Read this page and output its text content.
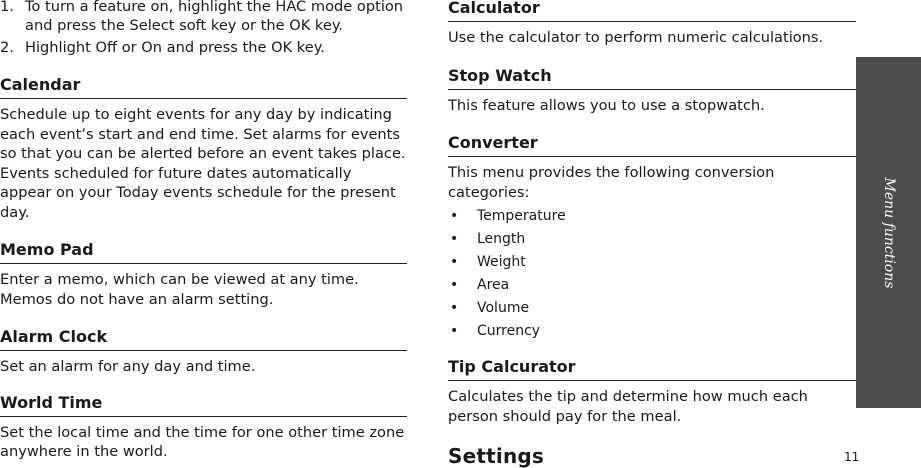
1. To turn a feature on, highlight the HAC mode option and press the Select soft key or the OK key.
2. Highlight Off or On and press the OK key.
Calendar

Schedule up to eight events for any day by indicating each event’s start and end time. Set alarms for events so that you can be alerted before an event takes place. Events scheduled for future dates automatically appear on your Today events schedule for the present day.

Memo Pad

Enter a memo, which can be viewed at any time. Memos do not have an alarm setting.

Alarm Clock

Set an alarm for any day and time.

World Time

Set the local time and the time for one other time zone anywhere in the world.

Calculator

Use the calculator to perform numeric calculations.

Stop Watch

This feature allows you to use a stopwatch.

Converter

This menu provides the following conversion categories:

•	Temperature
•	Length
•	Weight
•	Area
•	Volume
•	Currency
Tip Calcurator

Calculates the tip and determine how much each person should pay for the meal.

Settings
Menu functions
11
